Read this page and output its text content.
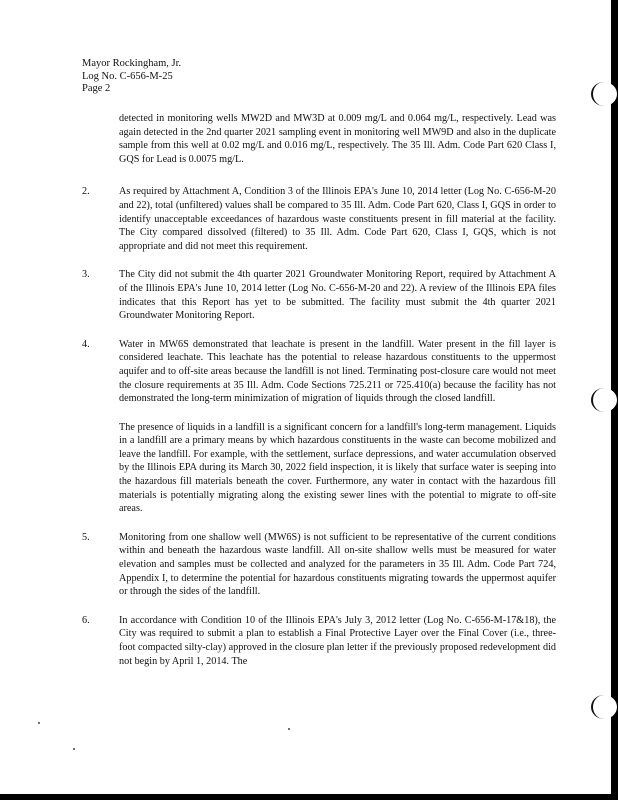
Mayor Rockingham, Jr.
Log No. C-656-M-25
Page 2
detected in monitoring wells MW2D and MW3D at 0.009 mg/L and 0.064 mg/L, respectively. Lead was again detected in the 2nd quarter 2021 sampling event in monitoring well MW9D and also in the duplicate sample from this well at 0.02 mg/L and 0.016 mg/L, respectively. The 35 Ill. Adm. Code Part 620 Class I, GQS for Lead is 0.0075 mg/L.
2.	As required by Attachment A, Condition 3 of the Illinois EPA's June 10, 2014 letter (Log No. C-656-M-20 and 22), total (unfiltered) values shall be compared to 35 Ill. Adm. Code Part 620, Class I, GQS in order to identify unacceptable exceedances of hazardous waste constituents present in fill material at the facility. The City compared dissolved (filtered) to 35 Ill. Adm. Code Part 620, Class I, GQS, which is not appropriate and did not meet this requirement.
3.	The City did not submit the 4th quarter 2021 Groundwater Monitoring Report, required by Attachment A of the Illinois EPA's June 10, 2014 letter (Log No. C-656-M-20 and 22). A review of the Illinois EPA files indicates that this Report has yet to be submitted. The facility must submit the 4th quarter 2021 Groundwater Monitoring Report.
4.	Water in MW6S demonstrated that leachate is present in the landfill. Water present in the fill layer is considered leachate. This leachate has the potential to release hazardous constituents to the uppermost aquifer and to off-site areas because the landfill is not lined. Terminating post-closure care would not meet the closure requirements at 35 Ill. Adm. Code Sections 725.211 or 725.410(a) because the facility has not demonstrated the long-term minimization of migration of liquids through the closed landfill.
The presence of liquids in a landfill is a significant concern for a landfill's long-term management. Liquids in a landfill are a primary means by which hazardous constituents in the waste can become mobilized and leave the landfill. For example, with the settlement, surface depressions, and water accumulation observed by the Illinois EPA during its March 30, 2022 field inspection, it is likely that surface water is seeping into the hazardous fill materials beneath the cover. Furthermore, any water in contact with the hazardous fill materials is potentially migrating along the existing sewer lines with the potential to migrate to off-site areas.
5.	Monitoring from one shallow well (MW6S) is not sufficient to be representative of the current conditions within and beneath the hazardous waste landfill. All on-site shallow wells must be measured for water elevation and samples must be collected and analyzed for the parameters in 35 Ill. Adm. Code Part 724, Appendix I, to determine the potential for hazardous constituents migrating towards the uppermost aquifer or through the sides of the landfill.
6.	In accordance with Condition 10 of the Illinois EPA's July 3, 2012 letter (Log No. C-656-M-17&18), the City was required to submit a plan to establish a Final Protective Layer over the Final Cover (i.e., three-foot compacted silty-clay) approved in the closure plan letter if the previously proposed redevelopment did not begin by April 1, 2014. The
